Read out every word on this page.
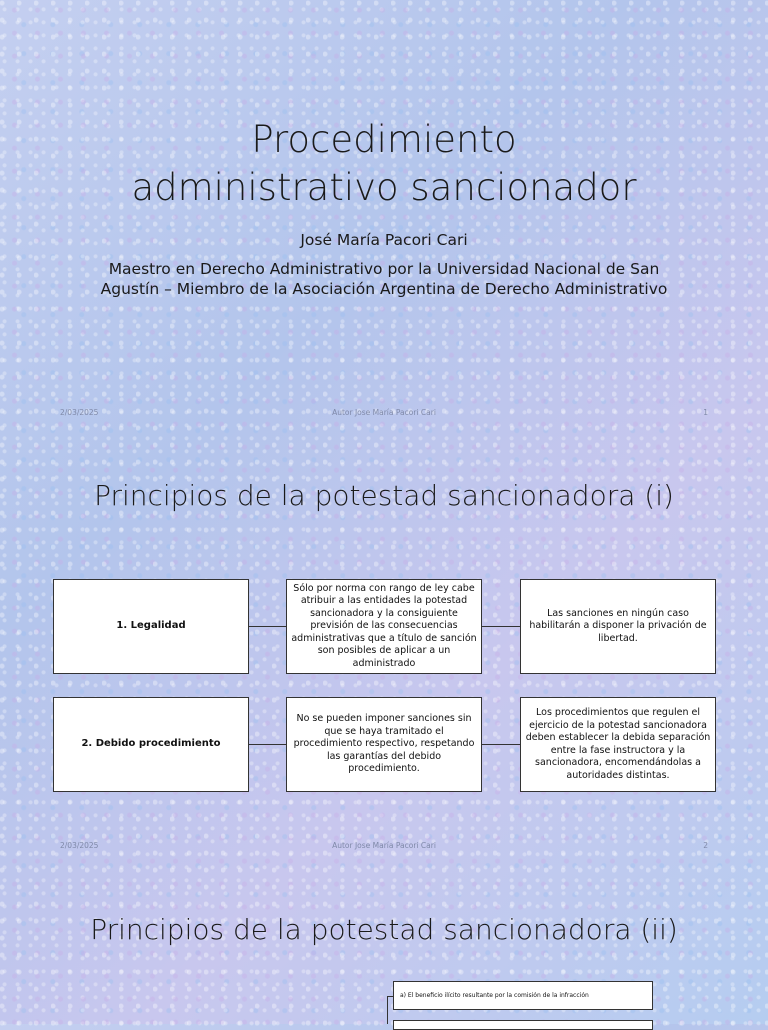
Procedimiento
administrativo sancionador
José María Pacori Cari
Maestro en Derecho Administrativo por la Universidad Nacional de San Agustín – Miembro de la Asociación Argentina de Derecho Administrativo
2/03/2025	Autor Jose María Pacori Cari	1
Principios de la potestad sancionadora (i)
1. Legalidad
Sólo por norma con rango de ley cabe atribuir a las entidades la potestad sancionadora y la consiguiente previsión de las consecuencias administrativas que a título de sanción son posibles de aplicar a un administrado
Las sanciones en ningún caso habilitarán a disponer la privación de libertad.
2. Debido procedimiento
No se pueden imponer sanciones sin que se haya tramitado el procedimiento respectivo, respetando las garantías del debido procedimiento.
Los procedimientos que regulen el ejercicio de la potestad sancionadora deben establecer la debida separación entre la fase instructora y la sancionadora, encomendándolas a autoridades distintas.
2/03/2025	Autor Jose María Pacori Cari	2
Principios de la potestad sancionadora (ii)
a) El beneficio ilícito resultante por la comisión de la infracción
